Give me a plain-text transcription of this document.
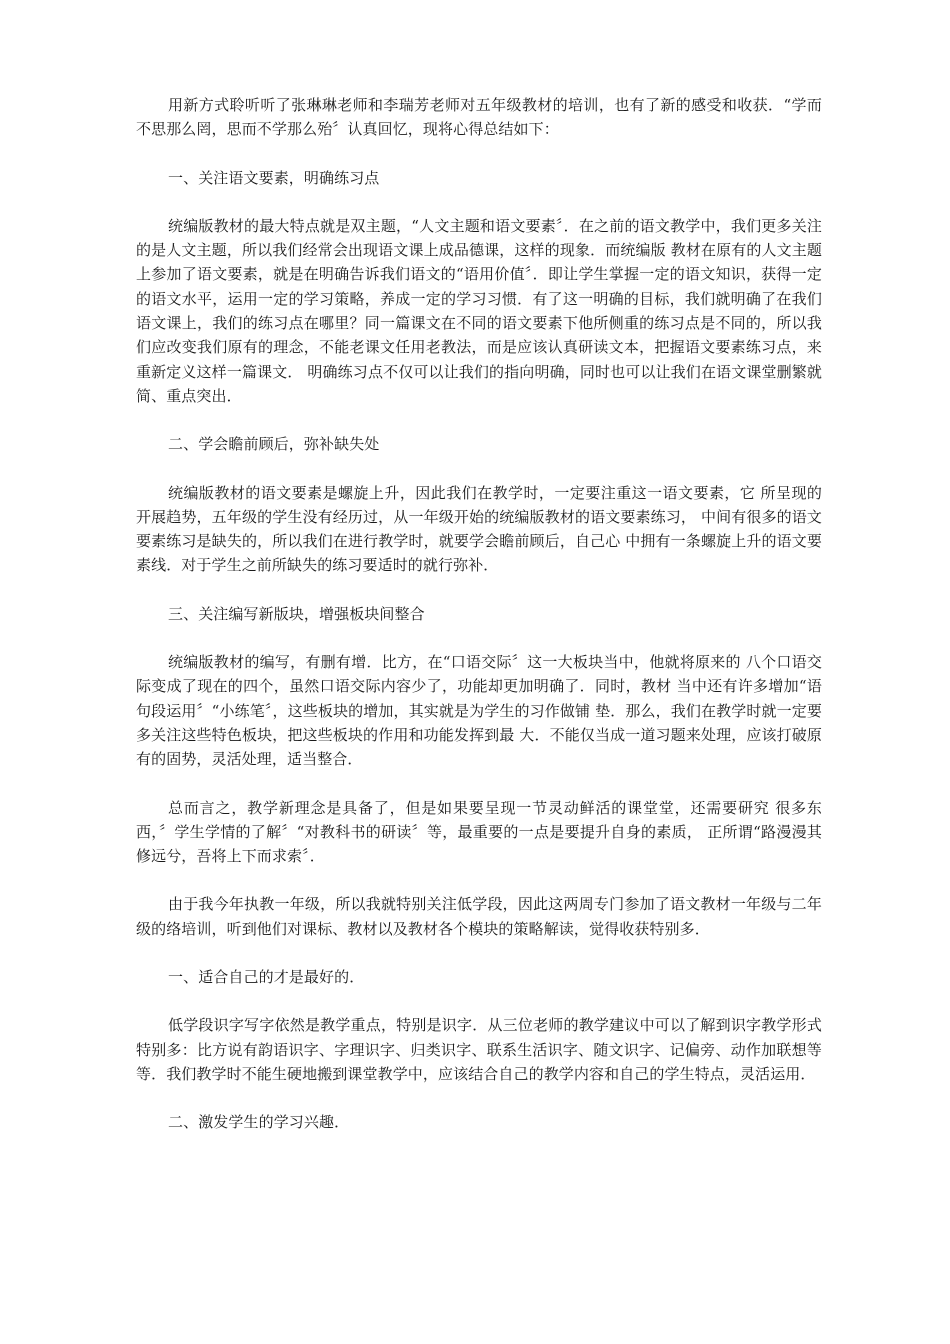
用新方式聆听听了张琳琳老师和李瑞芳老师对五年级教材的培训，也有了新的感受和收获．“学而不思那么罔，思而不学那么殆〞认真回忆，现将心得总结如下：

一、关注语文要素，明确练习点

统编版教材的最大特点就是双主题，“人文主题和语文要素〞．在之前的语文教学中，我们更多关注的是人文主题，所以我们经常会出现语文课上成品德课，这样的现象．而统编版 教材在原有的人文主题上参加了语文要素，就是在明确告诉我们语文的“语用价值〞．即让学生掌握一定的语文知识，获得一定的语文水平，运用一定的学习策略，养成一定的学习习惯．有了这一明确的目标，我们就明确了在我们语文课上，我们的练习点在哪里？同一篇课文在不同的语文要素下他所侧重的练习点是不同的，所以我们应改变我们原有的理念，不能老课文任用老教法，而是应该认真研读文本，把握语文要素练习点，来重新定义这样一篇课文． 明确练习点不仅可以让我们的指向明确，同时也可以让我们在语文课堂删繁就简、重点突出．

二、学会瞻前顾后，弥补缺失处

统编版教材的语文要素是螺旋上升，因此我们在教学时，一定要注重这一语文要素，它 所呈现的开展趋势，五年级的学生没有经历过，从一年级开始的统编版教材的语文要素练习， 中间有很多的语文要素练习是缺失的，所以我们在进行教学时，就要学会瞻前顾后，自己心 中拥有一条螺旋上升的语文要素线．对于学生之前所缺失的练习要适时的就行弥补．

三、关注编写新版块，增强板块间整合

统编版教材的编写，有删有增．比方，在“口语交际〞这一大板块当中，他就将原来的 八个口语交际变成了现在的四个，虽然口语交际内容少了，功能却更加明确了．同时，教材 当中还有许多增加“语句段运用〞“小练笔〞，这些板块的增加，其实就是为学生的习作做铺 垫．那么，我们在教学时就一定要多关注这些特色板块，把这些板块的作用和功能发挥到最 大．不能仅当成一道习题来处理，应该打破原有的固势，灵活处理，适当整合．

总而言之，教学新理念是具备了，但是如果要呈现一节灵动鲜活的课堂堂，还需要研究 很多东西，〞学生学情的了解〞“对教科书的研读〞等，最重要的一点是要提升自身的素质， 正所谓“路漫漫其修远兮，吾将上下而求索〞．

由于我今年执教一年级，所以我就特别关注低学段，因此这两周专门参加了语文教材一年级与二年级的络培训，听到他们对课标、教材以及教材各个模块的策略解读，觉得收获特别多．

一、适合自己的才是最好的．

低学段识字写字依然是教学重点，特别是识字．从三位老师的教学建议中可以了解到识字教学形式特别多：比方说有韵语识字、字理识字、归类识字、联系生活识字、随文识字、记偏旁、动作加联想等等．我们教学时不能生硬地搬到课堂教学中，应该结合自己的教学内容和自己的学生特点，灵活运用．

二、激发学生的学习兴趣．
